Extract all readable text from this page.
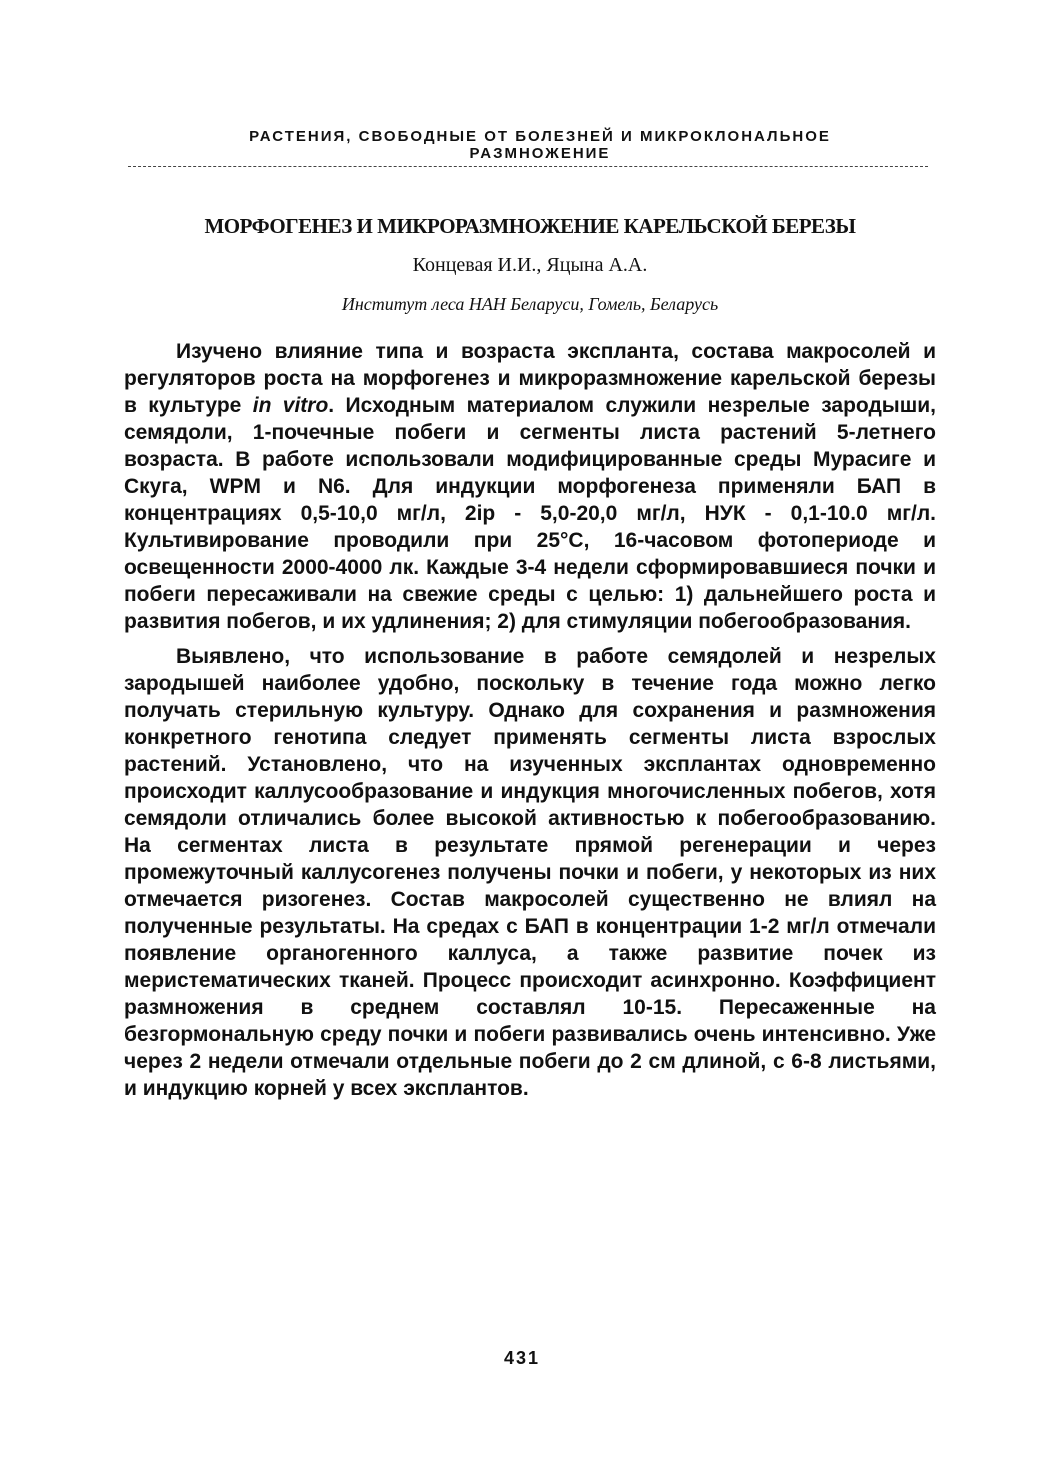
РАСТЕНИЯ, СВОБОДНЫЕ ОТ БОЛЕЗНЕЙ И МИКРОКЛОНАЛЬНОЕ
РАЗМНОЖЕНИЕ
МОРФОГЕНЕЗ И МИКРОРАЗМНОЖЕНИЕ КАРЕЛЬСКОЙ БЕРЕЗЫ
Концевая И.И., Яцына А.А.
Институт леса НАН Беларуси, Гомель, Беларусь

Изучено влияние типа и возраста экспланта, состава макросолей и регуляторов роста на морфогенез и микроразмножение карельской березы в культуре in vitro. Исходным материалом служили незрелые зародыши, семядоли, 1-почечные побеги и сегменты листа растений 5-летнего возраста. В работе использовали модифицированные среды Мурасиге и Скуга, WPM и N6. Для индукции морфогенеза применяли БАП в концентрациях 0,5-10,0 мг/л, 2ip - 5,0-20,0 мг/л, НУК - 0,1-10.0 мг/л. Культивирование проводили при 25°С, 16-часовом фотопериоде и освещенности 2000-4000 лк. Каждые 3-4 недели сформировавшиеся почки и побеги пересаживали на свежие среды с целью: 1) дальнейшего роста и развития побегов, и их удлинения; 2) для стимуляции побегообразования.

Выявлено, что использование в работе семядолей и незрелых зародышей наиболее удобно, поскольку в течение года можно легко получать стерильную культуру. Однако для сохранения и размножения конкретного генотипа следует применять сегменты листа взрослых растений. Установлено, что на изученных эксплантах одновременно происходит каллусообразование и индукция многочисленных побегов, хотя семядоли отличались более высокой активностью к побегообразованию. На сегментах листа в результате прямой регенерации и через промежуточный каллусогенез получены почки и побеги, у некоторых из них отмечается ризогенез. Состав макросолей существенно не влиял на полученные результаты. На средах с БАП в концентрации 1-2 мг/л отмечали появление органогенного каллуса, а также развитие почек из меристематических тканей. Процесс происходит асинхронно. Коэффициент размножения в среднем составлял 10-15. Пересаженные на безгормональную среду почки и побеги развивались очень интенсивно. Уже через 2 недели отмечали отдельные побеги до 2 см длиной, с 6-8 листьями, и индукцию корней у всех эксплантов.

431
